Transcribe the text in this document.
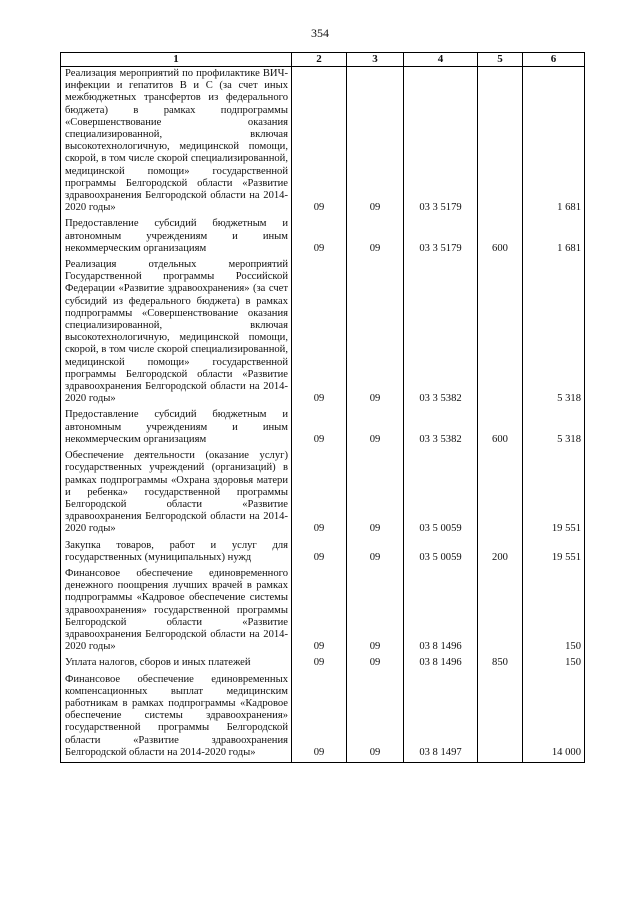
354
1	2	3	4	5	6
Реализация мероприятий по профилактике ВИЧ-инфекции и гепатитов В и С (за счет иных межбюджетных трансфертов из федерального бюджета) в рамках подпрограммы «Совершенствование оказания специализированной, включая высокотехнологичную, медицинской помощи, скорой, в том числе скорой специализированной, медицинской помощи» государственной программы Белгородской области «Развитие здравоохранения Белгородской области на 2014-2020 годы»	09	09	03 3 5179		1 681
Предоставление субсидий бюджетным и автономным учреждениям и иным некоммерческим организациям	09	09	03 3 5179	600	1 681
Реализация отдельных мероприятий Государственной программы Российской Федерации «Развитие здравоохранения» (за счет субсидий из федерального бюджета) в рамках подпрограммы «Совершенствование оказания специализированной, включая высокотехнологичную, медицинской помощи, скорой, в том числе скорой специализированной, медицинской помощи» государственной программы Белгородской области «Развитие здравоохранения Белгородской области на 2014-2020 годы»	09	09	03 3 5382		5 318
Предоставление субсидий бюджетным и автономным учреждениям и иным некоммерческим организациям	09	09	03 3 5382	600	5 318
Обеспечение деятельности (оказание услуг) государственных учреждений (организаций) в рамках подпрограммы «Охрана здоровья матери и ребенка» государственной программы Белгородской области «Развитие здравоохранения Белгородской области на 2014-2020 годы»	09	09	03 5 0059		19 551
Закупка товаров, работ и услуг для государственных (муниципальных) нужд	09	09	03 5 0059	200	19 551
Финансовое обеспечение единовременного денежного поощрения лучших врачей в рамках подпрограммы «Кадровое обеспечение системы здравоохранения» государственной программы Белгородской области «Развитие здравоохранения Белгородской области на 2014-2020 годы»	09	09	03 8 1496		150
Уплата налогов, сборов и иных платежей	09	09	03 8 1496	850	150
Финансовое обеспечение единовременных компенсационных выплат медицинским работникам в рамках подпрограммы «Кадровое обеспечение системы здравоохранения» государственной программы Белгородской области «Развитие здравоохранения Белгородской области на 2014-2020 годы»	09	09	03 8 1497		14 000
